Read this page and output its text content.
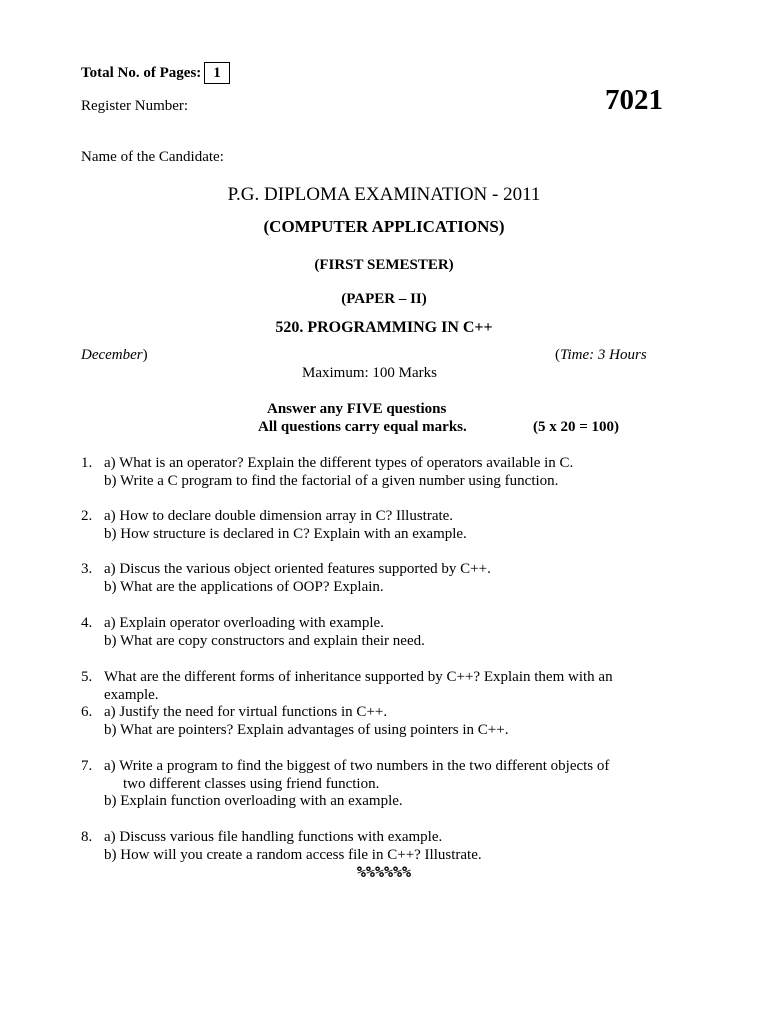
Total No. of Pages: 1
Register Number:	7021
Name of the Candidate:
P.G. DIPLOMA EXAMINATION - 2011
(COMPUTER APPLICATIONS)
(FIRST SEMESTER)
(PAPER – II)
520. PROGRAMMING IN C++
December)	(Time: 3 Hours
Maximum: 100 Marks
Answer any FIVE questions
All questions carry equal marks.	(5 x 20 = 100)
1. a) What is an operator? Explain the different types of operators available in C.
b) Write a C program to find the factorial of a given number using function.
2. a) How to declare double dimension array in C? Illustrate.
b) How structure is declared in C? Explain with an example.
3. a) Discus the various object oriented features supported by C++.
b) What are the applications of OOP? Explain.
4. a) Explain operator overloading with example.
b) What are copy constructors and explain their need.
5. What are the different forms of inheritance supported by C++? Explain them with an
example.
6. a) Justify the need for virtual functions in C++.
b) What are pointers? Explain advantages of using pointers in C++.
7. a) Write a program to find the biggest of two numbers in the two different objects of
two different classes using friend function.
b) Explain function overloading with an example.
8. a) Discuss various file handling functions with example.
b) How will you create a random access file in C++? Illustrate.
%%%%%%
